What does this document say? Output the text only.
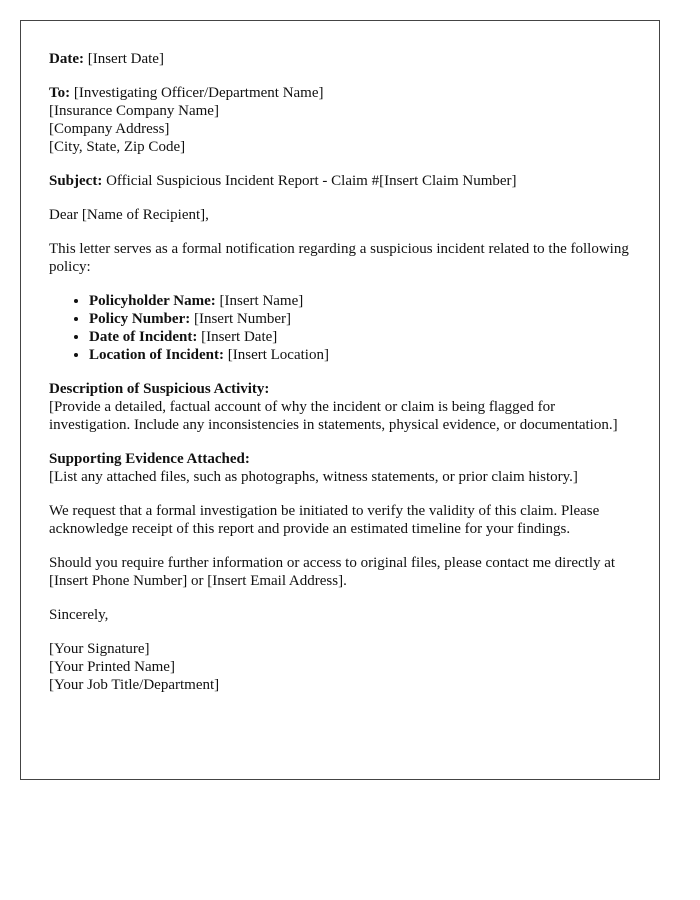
Date: [Insert Date]
To: [Investigating Officer/Department Name]
[Insurance Company Name]
[Company Address]
[City, State, Zip Code]
Subject: Official Suspicious Incident Report - Claim #[Insert Claim Number]
Dear [Name of Recipient],
This letter serves as a formal notification regarding a suspicious incident related to the following policy:
• Policyholder Name: [Insert Name]
• Policy Number: [Insert Number]
• Date of Incident: [Insert Date]
• Location of Incident: [Insert Location]
Description of Suspicious Activity:
[Provide a detailed, factual account of why the incident or claim is being flagged for investigation. Include any inconsistencies in statements, physical evidence, or documentation.]
Supporting Evidence Attached:
[List any attached files, such as photographs, witness statements, or prior claim history.]
We request that a formal investigation be initiated to verify the validity of this claim. Please acknowledge receipt of this report and provide an estimated timeline for your findings.
Should you require further information or access to original files, please contact me directly at [Insert Phone Number] or [Insert Email Address].
Sincerely,
[Your Signature]
[Your Printed Name]
[Your Job Title/Department]
